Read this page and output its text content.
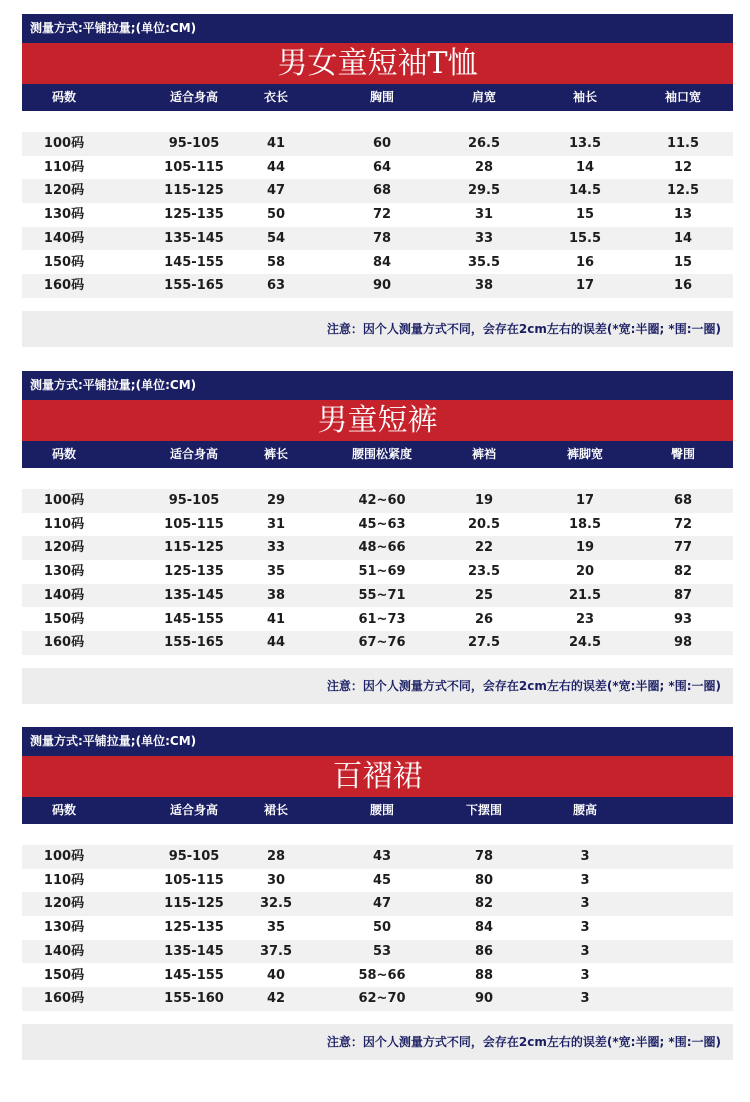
测量方式:平铺拉量;(单位:CM)
男女童短袖T恤
码数	适合身高	衣长	胸围	肩宽	袖长	袖口宽
100码	95-105	41	60	26.5	13.5	11.5
110码	105-115	44	64	28	14	12
120码	115-125	47	68	29.5	14.5	12.5
130码	125-135	50	72	31	15	13
140码	135-145	54	78	33	15.5	14
150码	145-155	58	84	35.5	16	15
160码	155-165	63	90	38	17	16
注意：因个人测量方式不同，会存在2cm左右的误差(*宽:半圈; *围:一圈)
测量方式:平铺拉量;(单位:CM)
男童短裤
码数	适合身高	裤长	腰围松紧度	裤裆	裤脚宽	臀围
100码	95-105	29	42~60	19	17	68
110码	105-115	31	45~63	20.5	18.5	72
120码	115-125	33	48~66	22	19	77
130码	125-135	35	51~69	23.5	20	82
140码	135-145	38	55~71	25	21.5	87
150码	145-155	41	61~73	26	23	93
160码	155-165	44	67~76	27.5	24.5	98
注意：因个人测量方式不同，会存在2cm左右的误差(*宽:半圈; *围:一圈)
测量方式:平铺拉量;(单位:CM)
百褶裙
码数	适合身高	裙长	腰围	下摆围	腰高
100码	95-105	28	43	78	3
110码	105-115	30	45	80	3
120码	115-125	32.5	47	82	3
130码	125-135	35	50	84	3
140码	135-145	37.5	53	86	3
150码	145-155	40	58~66	88	3
160码	155-160	42	62~70	90	3
注意：因个人测量方式不同，会存在2cm左右的误差(*宽:半圈; *围:一圈)
